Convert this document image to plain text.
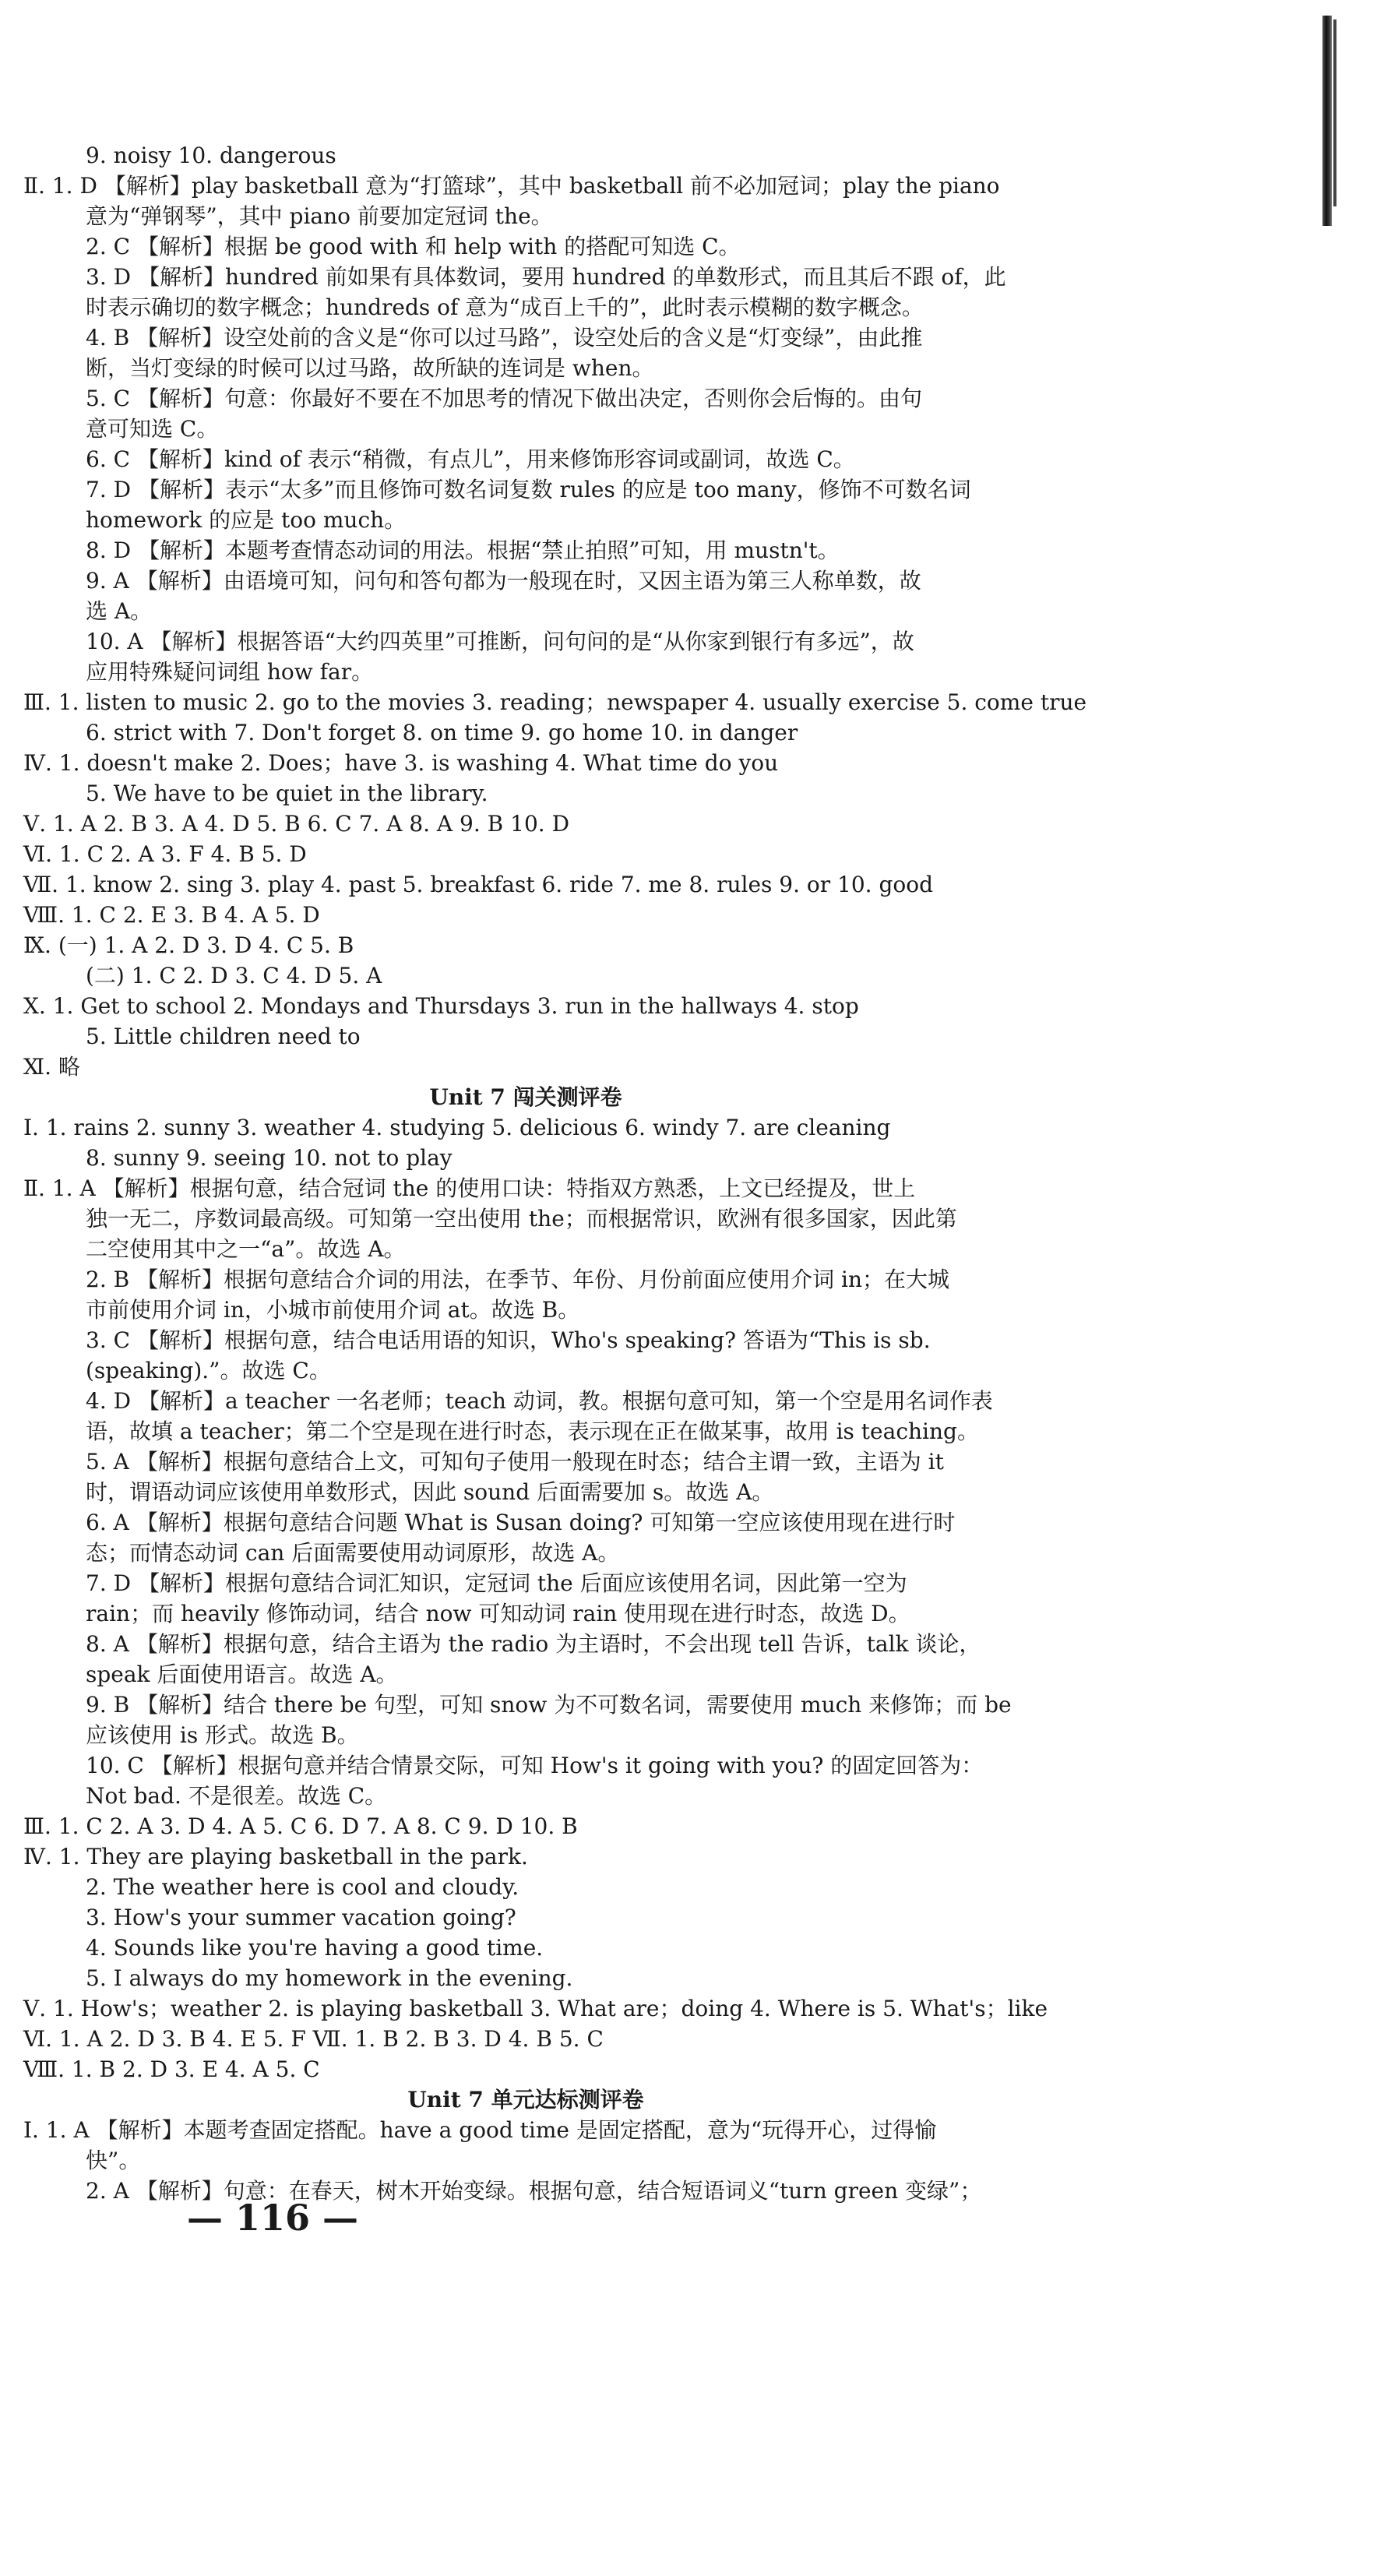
9. noisy 10. dangerous
Ⅱ. 1. D 【解析】play basketball 意为“打篮球”，其中 basketball 前不必加冠词；play the piano
意为“弹钢琴”，其中 piano 前要加定冠词 the。
2. C 【解析】根据 be good with 和 help with 的搭配可知选 C。
3. D 【解析】hundred 前如果有具体数词，要用 hundred 的单数形式，而且其后不跟 of，此
时表示确切的数字概念；hundreds of 意为“成百上千的”，此时表示模糊的数字概念。
4. B 【解析】设空处前的含义是“你可以过马路”，设空处后的含义是“灯变绿”，由此推
断，当灯变绿的时候可以过马路，故所缺的连词是 when。
5. C 【解析】句意：你最好不要在不加思考的情况下做出决定，否则你会后悔的。由句
意可知选 C。
6. C 【解析】kind of 表示“稍微，有点儿”，用来修饰形容词或副词，故选 C。
7. D 【解析】表示“太多”而且修饰可数名词复数 rules 的应是 too many，修饰不可数名词
homework 的应是 too much。
8. D 【解析】本题考查情态动词的用法。根据“禁止拍照”可知，用 mustn't。
9. A 【解析】由语境可知，问句和答句都为一般现在时，又因主语为第三人称单数，故
选 A。
10. A 【解析】根据答语“大约四英里”可推断，问句问的是“从你家到银行有多远”，故
应用特殊疑问词组 how far。
Ⅲ. 1. listen to music 2. go to the movies 3. reading；newspaper 4. usually exercise 5. come true
6. strict with 7. Don't forget 8. on time 9. go home 10. in danger
Ⅳ. 1. doesn't make 2. Does；have 3. is washing 4. What time do you
5. We have to be quiet in the library.
Ⅴ. 1. A 2. B 3. A 4. D 5. B 6. C 7. A 8. A 9. B 10. D
Ⅵ. 1. C 2. A 3. F 4. B 5. D
Ⅶ. 1. know 2. sing 3. play 4. past 5. breakfast 6. ride 7. me 8. rules 9. or 10. good
Ⅷ. 1. C 2. E 3. B 4. A 5. D
Ⅸ. (一) 1. A 2. D 3. D 4. C 5. B
(二) 1. C 2. D 3. C 4. D 5. A
Ⅹ. 1. Get to school 2. Mondays and Thursdays 3. run in the hallways 4. stop
5. Little children need to
Ⅺ. 略
Unit 7 闯关测评卷
Ⅰ. 1. rains 2. sunny 3. weather 4. studying 5. delicious 6. windy 7. are cleaning
8. sunny 9. seeing 10. not to play
Ⅱ. 1. A 【解析】根据句意，结合冠词 the 的使用口诀：特指双方熟悉，上文已经提及，世上
独一无二，序数词最高级。可知第一空出使用 the；而根据常识，欧洲有很多国家，因此第
二空使用其中之一“a”。故选 A。
2. B 【解析】根据句意结合介词的用法，在季节、年份、月份前面应使用介词 in；在大城
市前使用介词 in，小城市前使用介词 at。故选 B。
3. C 【解析】根据句意，结合电话用语的知识，Who's speaking? 答语为“This is sb.
(speaking).”。故选 C。
4. D 【解析】a teacher 一名老师；teach 动词，教。根据句意可知，第一个空是用名词作表
语，故填 a teacher；第二个空是现在进行时态，表示现在正在做某事，故用 is teaching。
5. A 【解析】根据句意结合上文，可知句子使用一般现在时态；结合主谓一致，主语为 it
时，谓语动词应该使用单数形式，因此 sound 后面需要加 s。故选 A。
6. A 【解析】根据句意结合问题 What is Susan doing? 可知第一空应该使用现在进行时
态；而情态动词 can 后面需要使用动词原形，故选 A。
7. D 【解析】根据句意结合词汇知识，定冠词 the 后面应该使用名词，因此第一空为
rain；而 heavily 修饰动词，结合 now 可知动词 rain 使用现在进行时态，故选 D。
8. A 【解析】根据句意，结合主语为 the radio 为主语时，不会出现 tell 告诉，talk 谈论，
speak 后面使用语言。故选 A。
9. B 【解析】结合 there be 句型，可知 snow 为不可数名词，需要使用 much 来修饰；而 be
应该使用 is 形式。故选 B。
10. C 【解析】根据句意并结合情景交际，可知 How's it going with you? 的固定回答为：
Not bad. 不是很差。故选 C。
Ⅲ. 1. C 2. A 3. D 4. A 5. C 6. D 7. A 8. C 9. D 10. B
Ⅳ. 1. They are playing basketball in the park.
2. The weather here is cool and cloudy.
3. How's your summer vacation going?
4. Sounds like you're having a good time.
5. I always do my homework in the evening.
Ⅴ. 1. How's；weather 2. is playing basketball 3. What are；doing 4. Where is 5. What's；like
Ⅵ. 1. A 2. D 3. B 4. E 5. F Ⅶ. 1. B 2. B 3. D 4. B 5. C
Ⅷ. 1. B 2. D 3. E 4. A 5. C
Unit 7 单元达标测评卷
Ⅰ. 1. A 【解析】本题考查固定搭配。have a good time 是固定搭配，意为“玩得开心，过得愉
快”。
2. A 【解析】句意：在春天，树木开始变绿。根据句意，结合短语词义“turn green 变绿”；
— 116 —
